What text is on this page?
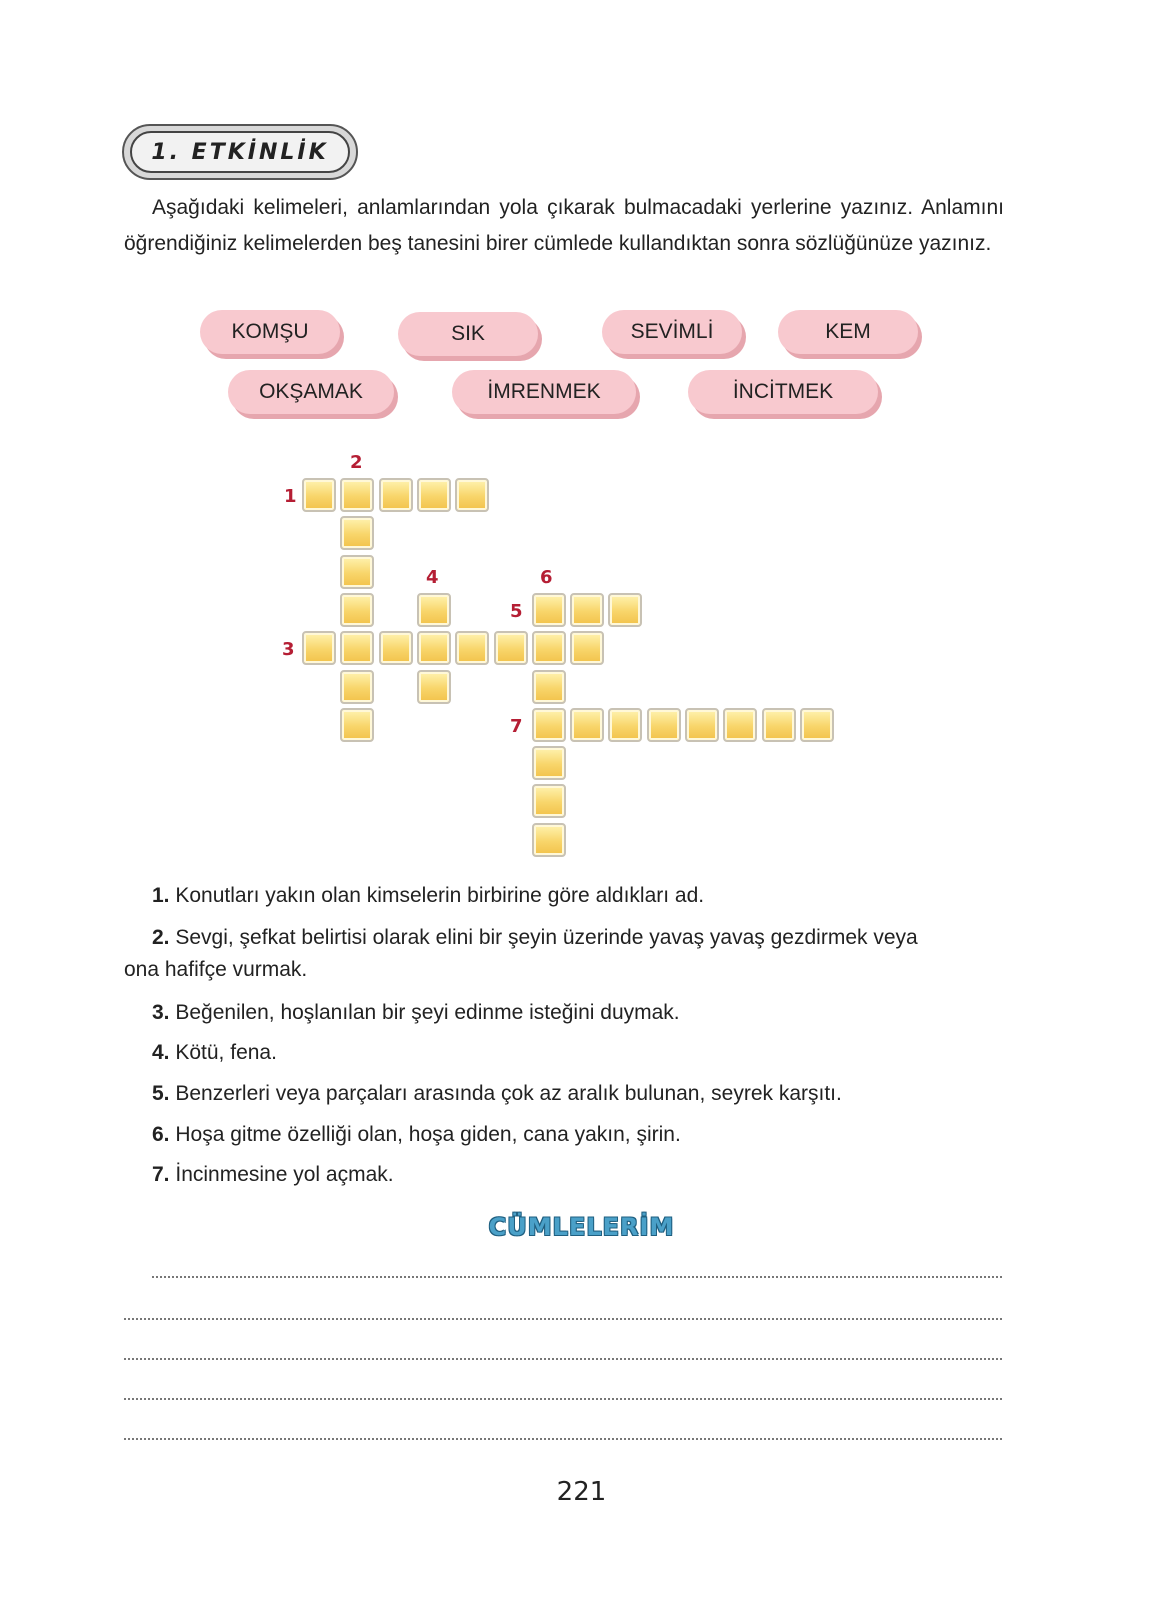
1. ETKİNLİK

Aşağıdaki kelimeleri, anlamlarından yola çıkarak bulmacadaki yerlerine yazınız. Anlamını öğrendiğiniz kelimelerden beş tanesini birer cümlede kullandıktan sonra sözlüğünüze yazınız.

KOMŞU	SIK	SEVİMLİ	KEM
OKŞAMAK	İMRENMEK	İNCİTMEK
2
1
4	6
5
3
7
1. Konutları yakın olan kimselerin birbirine göre aldıkları ad.
2. Sevgi, şefkat belirtisi olarak elini bir şeyin üzerinde yavaş yavaş gezdirmek veya
ona hafifçe vurmak.
3. Beğenilen, hoşlanılan bir şeyi edinme isteğini duymak.
4. Kötü, fena.
5. Benzerleri veya parçaları arasında çok az aralık bulunan, seyrek karşıtı.
6. Hoşa gitme özelliği olan, hoşa giden, cana yakın, şirin.
7. İncinmesine yol açmak.
CÜMLELERİM
221
